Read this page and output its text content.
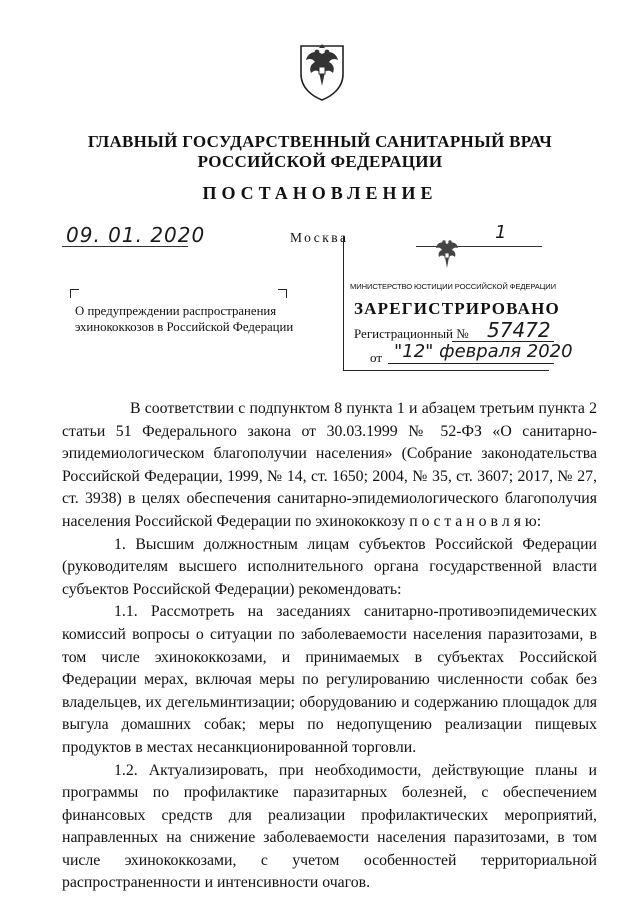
ГЛАВНЫЙ ГОСУДАРСТВЕННЫЙ САНИТАРНЫЙ ВРАЧ
РОССИЙСКОЙ ФЕДЕРАЦИИ
ПОСТАНОВЛЕНИЕ
09. 01. 2020	Москва	1
МИНИСТЕРСТВО ЮСТИЦИИ РОССИЙСКОЙ ФЕДЕРАЦИИ
ЗАРЕГИСТРИРОВАНО
Регистрационный № 57472
от "12" февраля 2020
О предупреждении распространения эхинококкозов в Российской Федерации

В соответствии с подпунктом 8 пункта 1 и абзацем третьим пункта 2 статьи 51 Федерального закона от 30.03.1999 № 52-ФЗ «О санитарно-эпидемиологическом благополучии населения» (Собрание законодательства Российской Федерации, 1999, № 14, ст. 1650; 2004, № 35, ст. 3607; 2017, № 27, ст. 3938) в целях обеспечения санитарно-эпидемиологического благополучия населения Российской Федерации по эхинококкозу п о с т а н о в л я ю:

1. Высшим должностным лицам субъектов Российской Федерации (руководителям высшего исполнительного органа государственной власти субъектов Российской Федерации) рекомендовать:

1.1. Рассмотреть на заседаниях санитарно-противоэпидемических комиссий вопросы о ситуации по заболеваемости населения паразитозами, в том числе эхинококкозами, и принимаемых в субъектах Российской Федерации мерах, включая меры по регулированию численности собак без владельцев, их дегельминтизации; оборудованию и содержанию площадок для выгула домашних собак; меры по недопущению реализации пищевых продуктов в местах несанкционированной торговли.

1.2. Актуализировать, при необходимости, действующие планы и программы по профилактике паразитарных болезней, с обеспечением финансовых средств для реализации профилактических мероприятий, направленных на снижение заболеваемости населения паразитозами, в том числе эхинококкозами, с учетом особенностей территориальной распространенности и интенсивности очагов.
